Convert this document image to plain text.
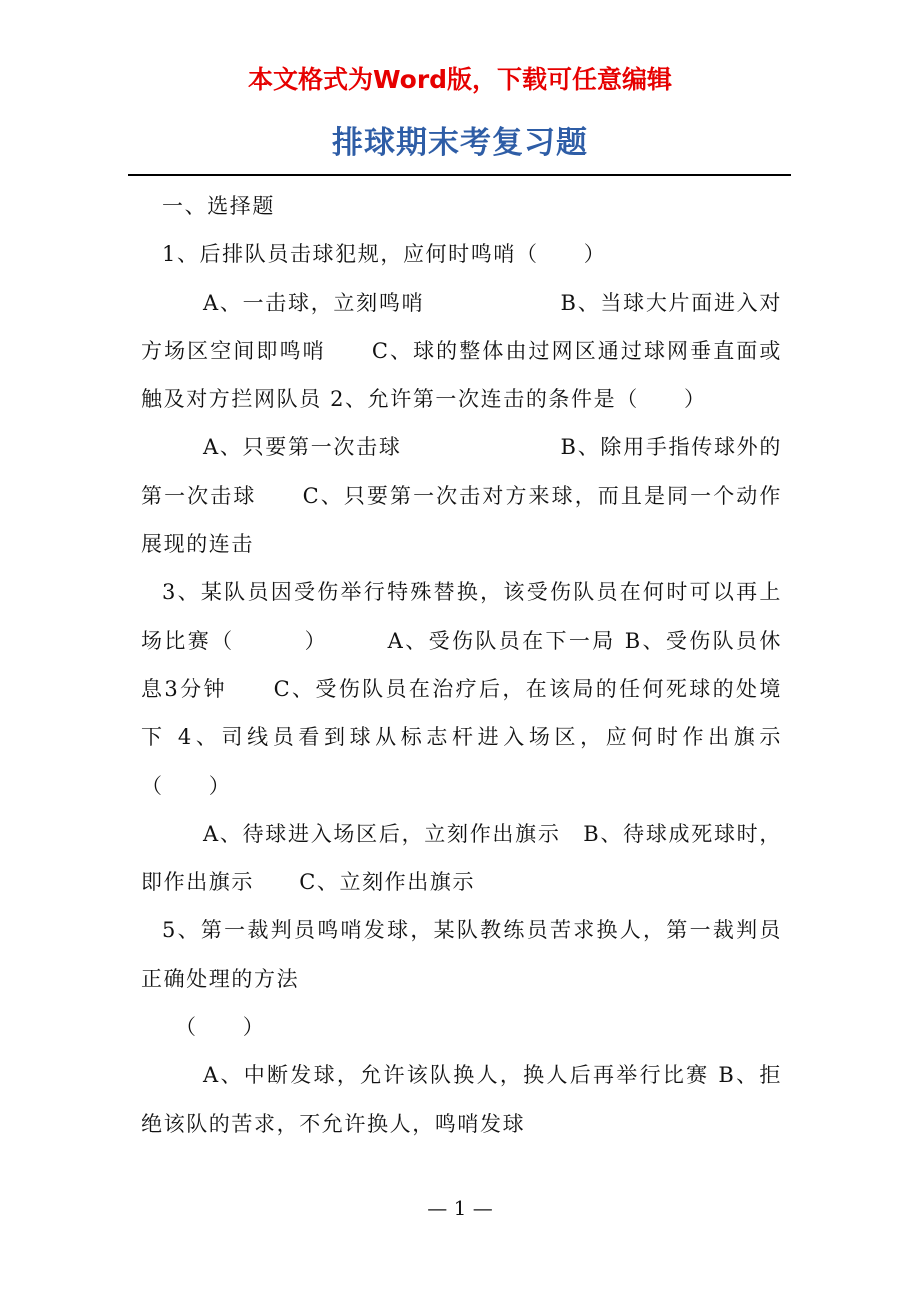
本文格式为Word版，下载可任意编辑
排球期末考复习题

一、选择题

1、后排队员击球犯规，应何时鸣哨（　　）

A、一击球，立刻鸣哨　　　　　　B、当球大片面进入对方场区空间即鸣哨　　C、球的整体由过网区通过球网垂直面或触及对方拦网队员 2、允许第一次连击的条件是（　　）

A、只要第一次击球　　　　　　　B、除用手指传球外的第一次击球　　C、只要第一次击对方来球，而且是同一个动作展现的连击

3、某队员因受伤举行特殊替换，该受伤队员在何时可以再上场比赛（　　　）　　　A、受伤队员在下一局 B、受伤队员休息3分钟　　C、受伤队员在治疗后，在该局的任何死球的处境下 4、司线员看到球从标志杆进入场区，应何时作出旗示（　　）

A、待球进入场区后，立刻作出旗示　B、待球成死球时，即作出旗示　　C、立刻作出旗示

5、第一裁判员鸣哨发球，某队教练员苦求换人，第一裁判员正确处理的方法

（　　）

A、中断发球，允许该队换人，换人后再举行比赛 B、拒绝该队的苦求，不允许换人，鸣哨发球

— 1 —
